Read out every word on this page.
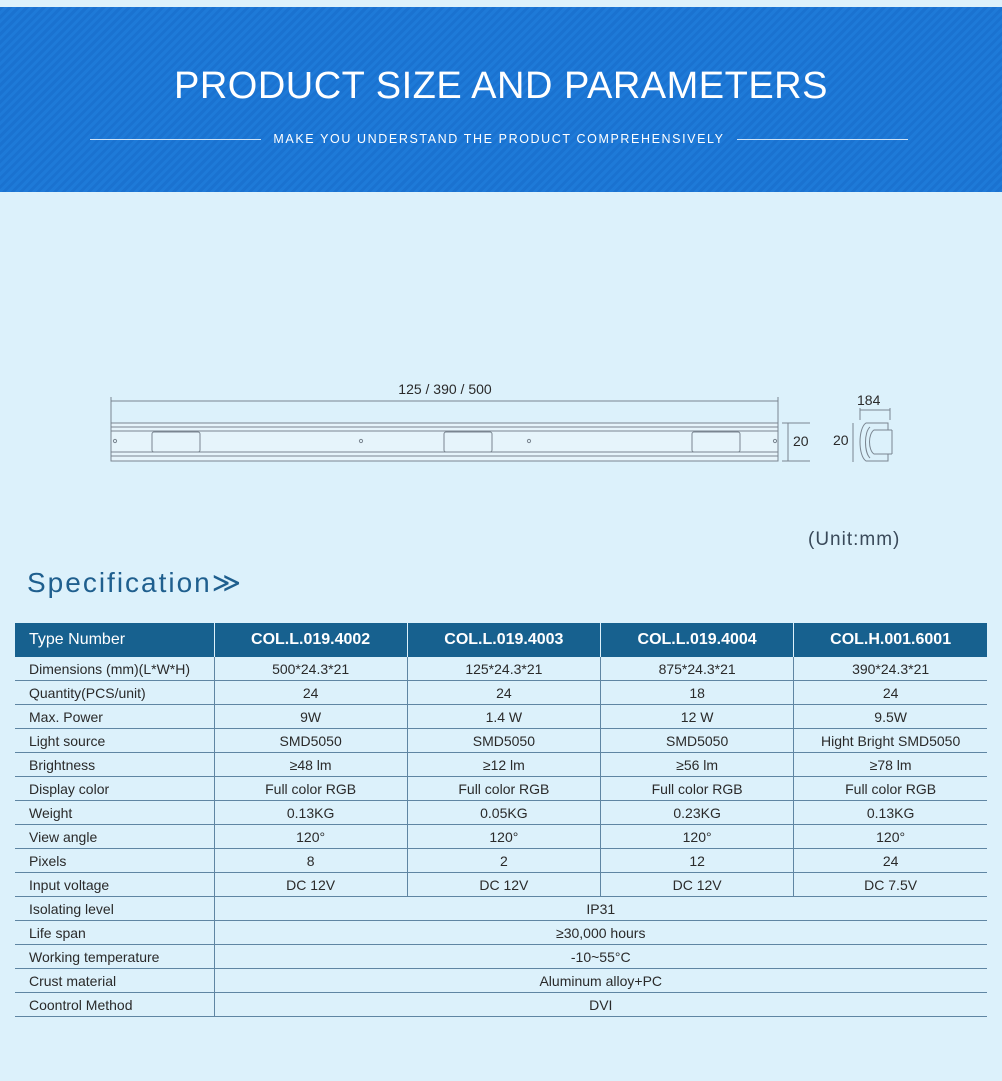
PRODUCT SIZE AND PARAMETERS
MAKE YOU UNDERSTAND THE PRODUCT COMPREHENSIVELY
125 / 390 / 500
20
184
20
(Unit:mm)
Specification≫
Type Number	COL.L.019.4002	COL.L.019.4003	COL.L.019.4004	COL.H.001.6001
Dimensions (mm)(L*W*H)	500*24.3*21	125*24.3*21	875*24.3*21	390*24.3*21
Quantity(PCS/unit)	24	24	18	24
Max. Power	9W	1.4 W	12 W	9.5W
Light source	SMD5050	SMD5050	SMD5050	Hight Bright SMD5050
Brightness	≥48 lm	≥12 lm	≥56 lm	≥78 lm
Display color	Full color RGB	Full color RGB	Full color RGB	Full color RGB
Weight	0.13KG	0.05KG	0.23KG	0.13KG
View angle	120°	120°	120°	120°
Pixels	8	2	12	24
Input voltage	DC 12V	DC 12V	DC 12V	DC 7.5V
Isolating level	IP31			
Life span	≥30,000 hours			
Working temperature	-10~55°C			
Crust material	Aluminum alloy+PC			
Coontrol Method	DVI			
